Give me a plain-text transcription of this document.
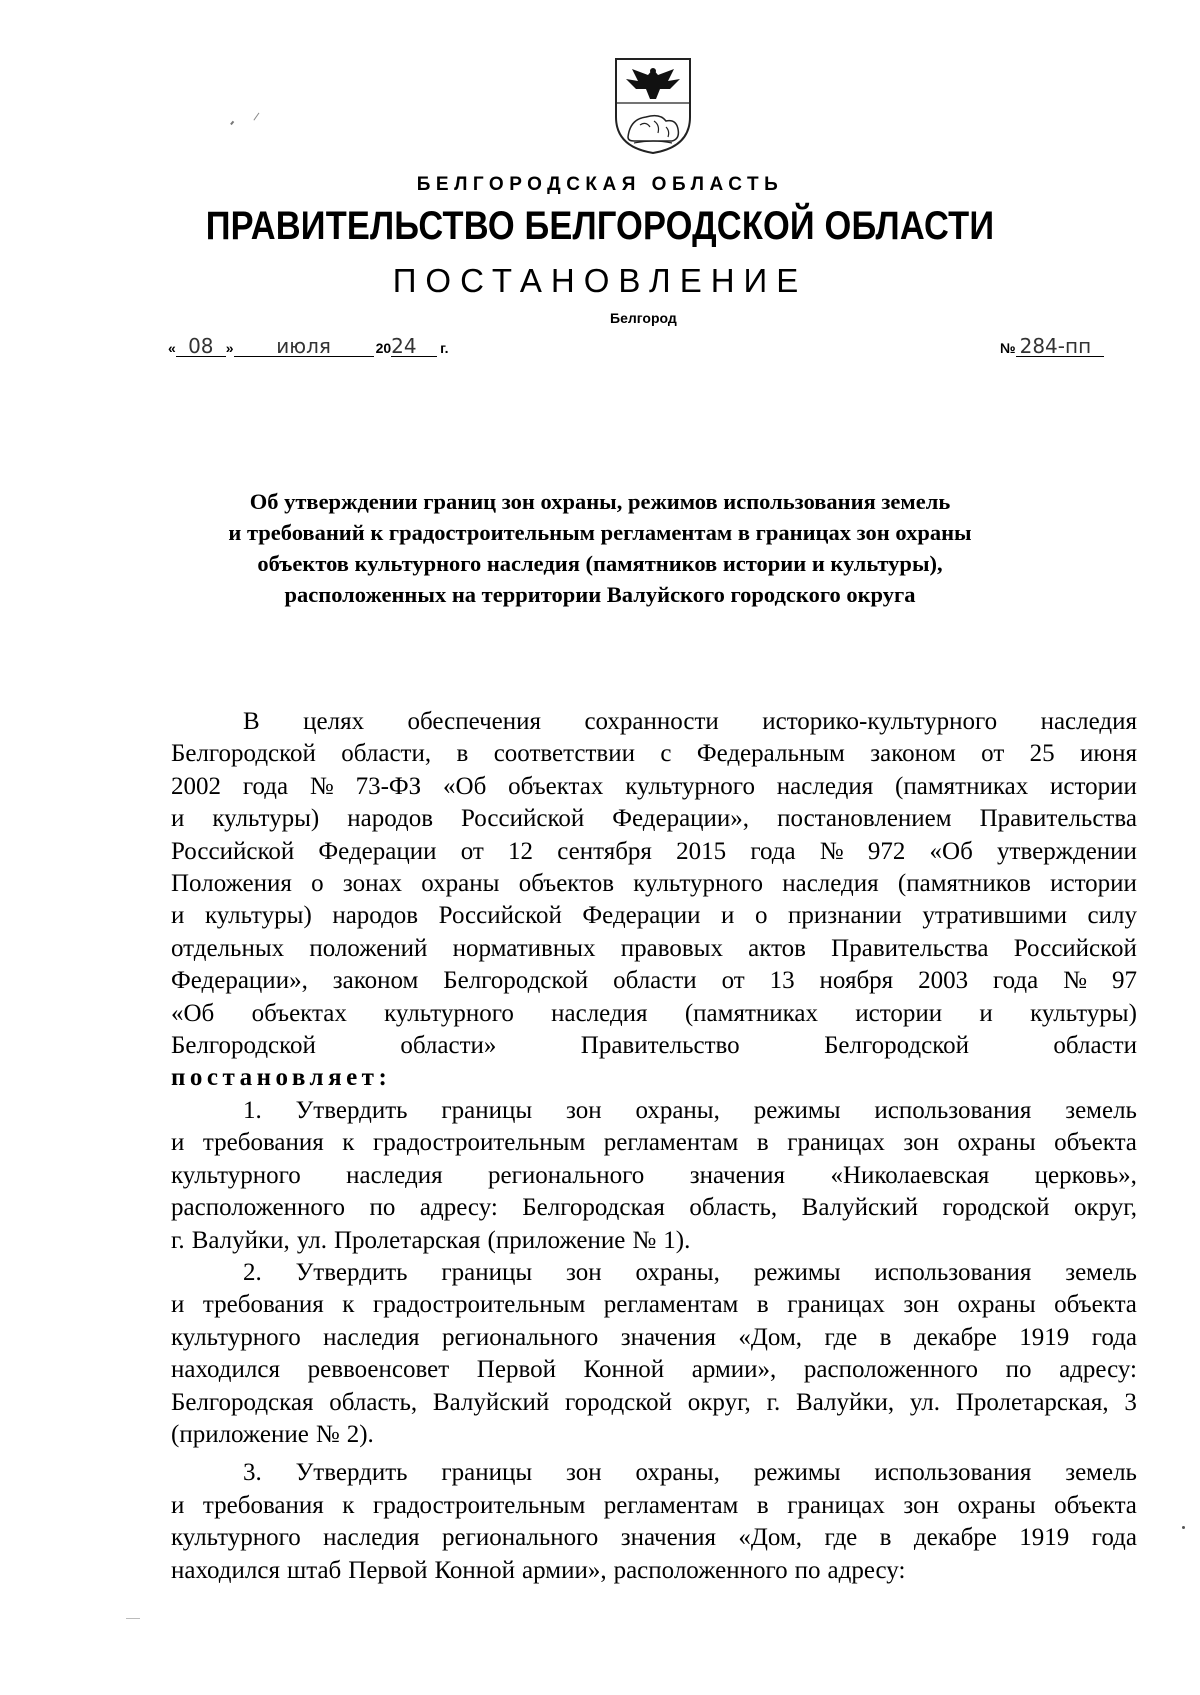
БЕЛГОРОДСКАЯ ОБЛАСТЬ
ПРАВИТЕЛЬСТВО БЕЛГОРОДСКОЙ ОБЛАСТИ
ПОСТАНОВЛЕНИЕ
Белгород
« 08 » июля	2024 г.	№ 284-пп
Об утверждении границ зон охраны, режимов использования земель
и требований к градостроительным регламентам в границах зон охраны
объектов культурного наследия (памятников истории и культуры),
расположенных на территории Валуйского городского округа
В целях обеспечения сохранности историко-культурного наследия
Белгородской области, в соответствии с Федеральным законом от 25 июня
2002 года № 73-ФЗ «Об объектах культурного наследия (памятниках истории
и культуры) народов Российской Федерации», постановлением Правительства
Российской Федерации от 12 сентября 2015 года № 972 «Об утверждении
Положения о зонах охраны объектов культурного наследия (памятников истории
и культуры) народов Российской Федерации и о признании утратившими силу
отдельных положений нормативных правовых актов Правительства Российской
Федерации», законом Белгородской области от 13 ноября 2003 года № 97
«Об объектах культурного наследия (памятниках истории и культуры)
Белгородской	области»	Правительство	Белгородской	области
постановляет:
1. Утвердить границы зон охраны, режимы использования земель
и требования к градостроительным регламентам в границах зон охраны объекта
культурного наследия регионального значения «Николаевская церковь»,
расположенного по адресу: Белгородская область, Валуйский городской округ,
г. Валуйки, ул. Пролетарская (приложение № 1).
2. Утвердить границы зон охраны, режимы использования земель
и требования к градостроительным регламентам в границах зон охраны объекта
культурного наследия регионального значения «Дом, где в декабре 1919 года
находился реввоенсовет Первой Конной армии», расположенного по адресу:
Белгородская область, Валуйский городской округ, г. Валуйки, ул. Пролетарская, 3
(приложение № 2).
3. Утвердить границы зон охраны, режимы использования земель
и требования к градостроительным регламентам в границах зон охраны объекта
культурного наследия регионального значения «Дом, где в декабре 1919 года
находился штаб Первой Конной армии», расположенного по адресу:
